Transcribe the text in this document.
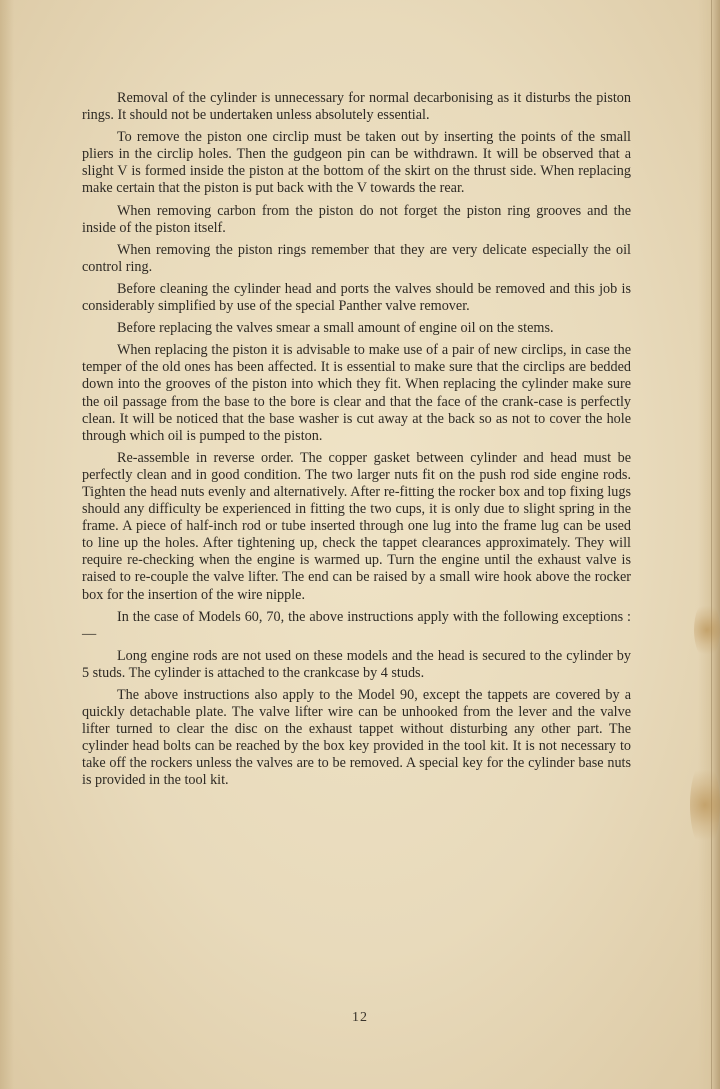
Removal of the cylinder is unnecessary for normal decarbonising as it disturbs the piston rings. It should not be undertaken unless absolutely essential.

To remove the piston one circlip must be taken out by inserting the points of the small pliers in the circlip holes. Then the gudgeon pin can be withdrawn. It will be observed that a slight V is formed inside the piston at the bottom of the skirt on the thrust side. When replacing make certain that the piston is put back with the V towards the rear.

When removing carbon from the piston do not forget the piston ring grooves and the inside of the piston itself.

When removing the piston rings remember that they are very delicate especially the oil control ring.

Before cleaning the cylinder head and ports the valves should be removed and this job is considerably simplified by use of the special Panther valve remover.

Before replacing the valves smear a small amount of engine oil on the stems.

When replacing the piston it is advisable to make use of a pair of new circlips, in case the temper of the old ones has been affected. It is essential to make sure that the circlips are bedded down into the grooves of the piston into which they fit. When replacing the cylinder make sure the oil passage from the base to the bore is clear and that the face of the crank-case is perfectly clean. It will be noticed that the base washer is cut away at the back so as not to cover the hole through which oil is pumped to the piston.

Re-assemble in reverse order. The copper gasket between cylinder and head must be perfectly clean and in good condition. The two larger nuts fit on the push rod side engine rods. Tighten the head nuts evenly and alternatively. After re-fitting the rocker box and top fixing lugs should any difficulty be experienced in fitting the two cups, it is only due to slight spring in the frame. A piece of half-inch rod or tube inserted through one lug into the frame lug can be used to line up the holes. After tightening up, check the tappet clearances approximately. They will require re-checking when the engine is warmed up. Turn the engine until the exhaust valve is raised to re-couple the valve lifter. The end can be raised by a small wire hook above the rocker box for the insertion of the wire nipple.

In the case of Models 60, 70, the above instructions apply with the following exceptions :—

Long engine rods are not used on these models and the head is secured to the cylinder by 5 studs. The cylinder is attached to the crankcase by 4 studs.

The above instructions also apply to the Model 90, except the tappets are covered by a quickly detachable plate. The valve lifter wire can be unhooked from the lever and the valve lifter turned to clear the disc on the exhaust tappet without disturbing any other part. The cylinder head bolts can be reached by the box key provided in the tool kit. It is not necessary to take off the rockers unless the valves are to be removed. A special key for the cylinder base nuts is provided in the tool kit.

12
